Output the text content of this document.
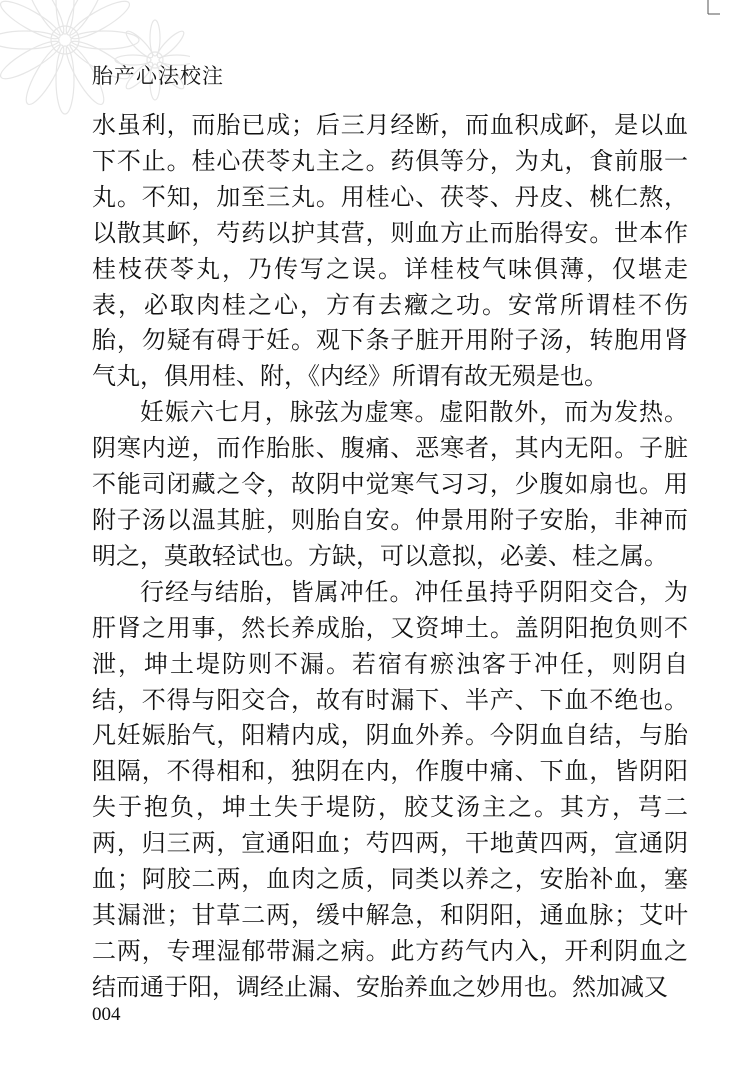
胎产心法校注

水虽利，而胎已成；后三月经断，而血积成衃，是以血下不止。桂心茯苓丸主之。药俱等分，为丸，食前服一丸。不知，加至三丸。用桂心、茯苓、丹皮、桃仁熬，以散其衃，芍药以护其营，则血方止而胎得安。世本作桂枝茯苓丸，乃传写之误。详桂枝气味俱薄，仅堪走表，必取肉桂之心，方有去癥之功。安常所谓桂不伤胎，勿疑有碍于妊。观下条子脏开用附子汤，转胞用肾气丸，俱用桂、附，《内经》所谓有故无殒是也。

妊娠六七月，脉弦为虚寒。虚阳散外，而为发热。阴寒内逆，而作胎胀、腹痛、恶寒者，其内无阳。子脏不能司闭藏之令，故阴中觉寒气习习，少腹如扇也。用附子汤以温其脏，则胎自安。仲景用附子安胎，非神而明之，莫敢轻试也。方缺，可以意拟，必姜、桂之属。

行经与结胎，皆属冲任。冲任虽持乎阴阳交合，为肝肾之用事，然长养成胎，又资坤土。盖阴阳抱负则不泄，坤土堤防则不漏。若宿有瘀浊客于冲任，则阴自结，不得与阳交合，故有时漏下、半产、下血不绝也。凡妊娠胎气，阳精内成，阴血外养。今阴血自结，与胎阻隔，不得相和，独阴在内，作腹中痛、下血，皆阴阳失于抱负，坤土失于堤防，胶艾汤主之。其方，芎二两，归三两，宣通阳血；芍四两，干地黄四两，宣通阴血；阿胶二两，血肉之质，同类以养之，安胎补血，塞其漏泄；甘草二两，缓中解急，和阴阳，通血脉；艾叶二两，专理湿郁带漏之病。此方药气内入，开利阴血之结而通于阳，调经止漏、安胎养血之妙用也。然加减又

004
